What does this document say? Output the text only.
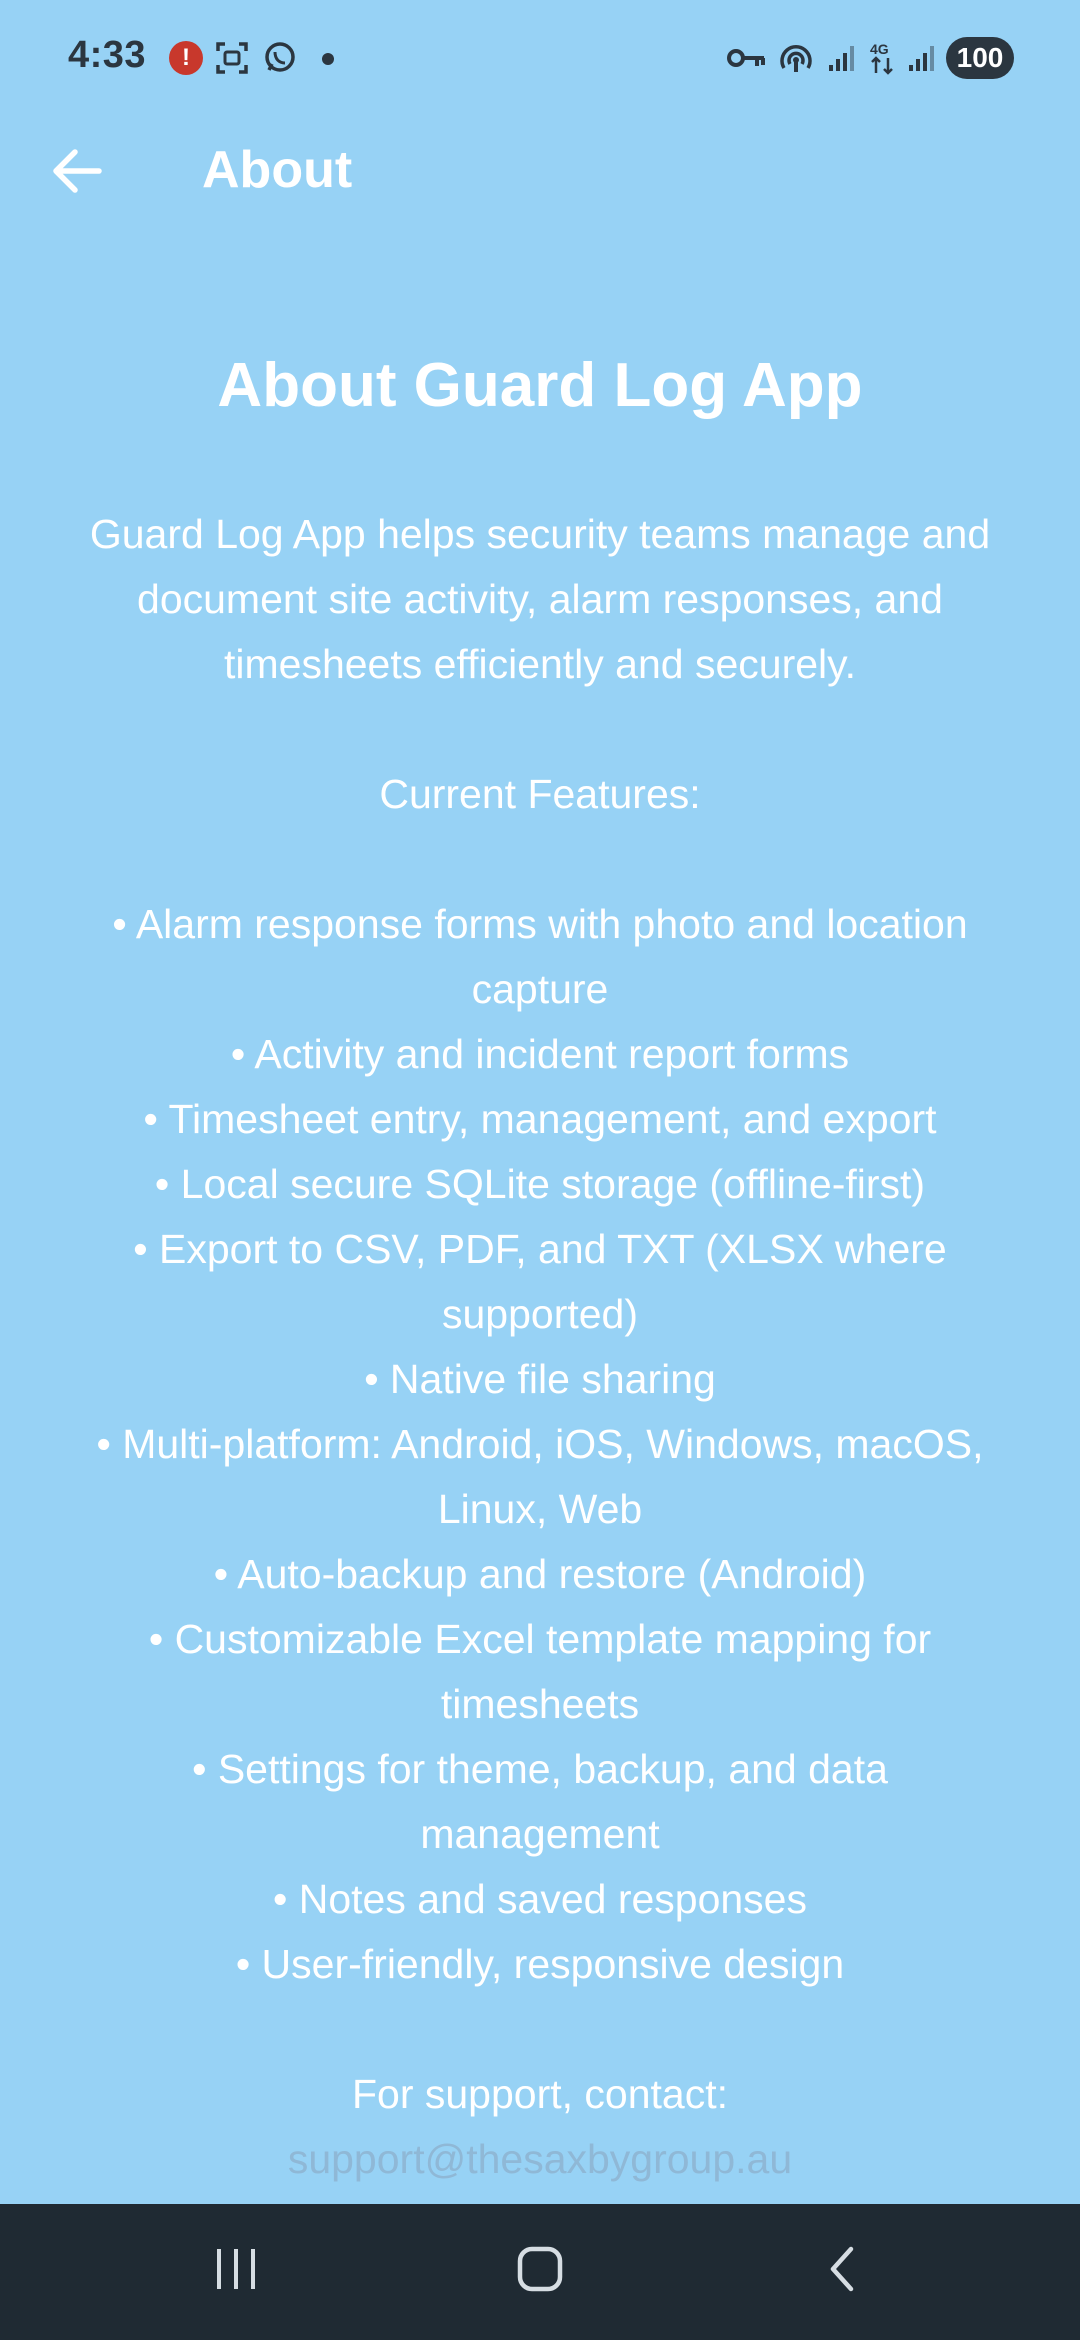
4:33	!	4G	100
About
About Guard Log App

Guard Log App helps security teams manage and document site activity, alarm responses, and timesheets efficiently and securely.

Current Features:

• Alarm response forms with photo and location capture
• Activity and incident report forms
• Timesheet entry, management, and export
• Local secure SQLite storage (offline-first)
• Export to CSV, PDF, and TXT (XLSX where supported)
• Native file sharing
• Multi-platform: Android, iOS, Windows, macOS, Linux, Web
• Auto-backup and restore (Android)
• Customizable Excel template mapping for timesheets
• Settings for theme, backup, and data management
• Notes and saved responses
• User-friendly, responsive design

For support, contact:

support@thesaxbygroup.au
